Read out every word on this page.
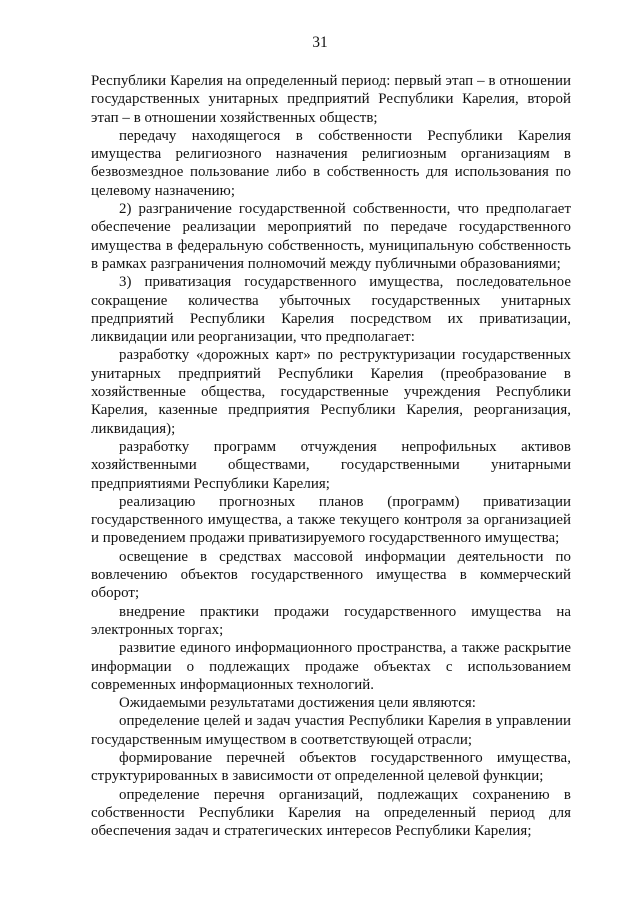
31

Республики Карелия на определенный период: первый этап – в отношении государственных унитарных предприятий Республики Карелия, второй этап – в отношении хозяйственных обществ;

передачу находящегося в собственности Республики Карелия имущества религиозного назначения религиозным организациям в безвозмездное пользование либо в собственность для использования по целевому назначению;

2) разграничение государственной собственности, что предполагает обеспечение реализации мероприятий по передаче государственного имущества в федеральную собственность, муниципальную собственность в рамках разграничения полномочий между публичными образованиями;

3) приватизация государственного имущества, последовательное сокращение количества убыточных государственных унитарных предприятий Республики Карелия посредством их приватизации, ликвидации или реорганизации, что предполагает:

разработку «дорожных карт» по реструктуризации государственных унитарных предприятий Республики Карелия (преобразование в хозяйственные общества, государственные учреждения Республики Карелия, казенные предприятия Республики Карелия, реорганизация, ликвидация);

разработку программ отчуждения непрофильных активов хозяйственными обществами, государственными унитарными предприятиями Республики Карелия;

реализацию прогнозных планов (программ) приватизации государственного имущества, а также текущего контроля за организацией и проведением продажи приватизируемого государственного имущества;

освещение в средствах массовой информации деятельности по вовлечению объектов государственного имущества в коммерческий оборот;

внедрение практики продажи государственного имущества на электронных торгах;

развитие единого информационного пространства, а также раскрытие информации о подлежащих продаже объектах с использованием современных информационных технологий.

Ожидаемыми результатами достижения цели являются:

определение целей и задач участия Республики Карелия в управлении государственным имуществом в соответствующей отрасли;

формирование перечней объектов государственного имущества, структурированных в зависимости от определенной целевой функции;

определение перечня организаций, подлежащих сохранению в собственности Республики Карелия на определенный период для обеспечения задач и стратегических интересов Республики Карелия;
